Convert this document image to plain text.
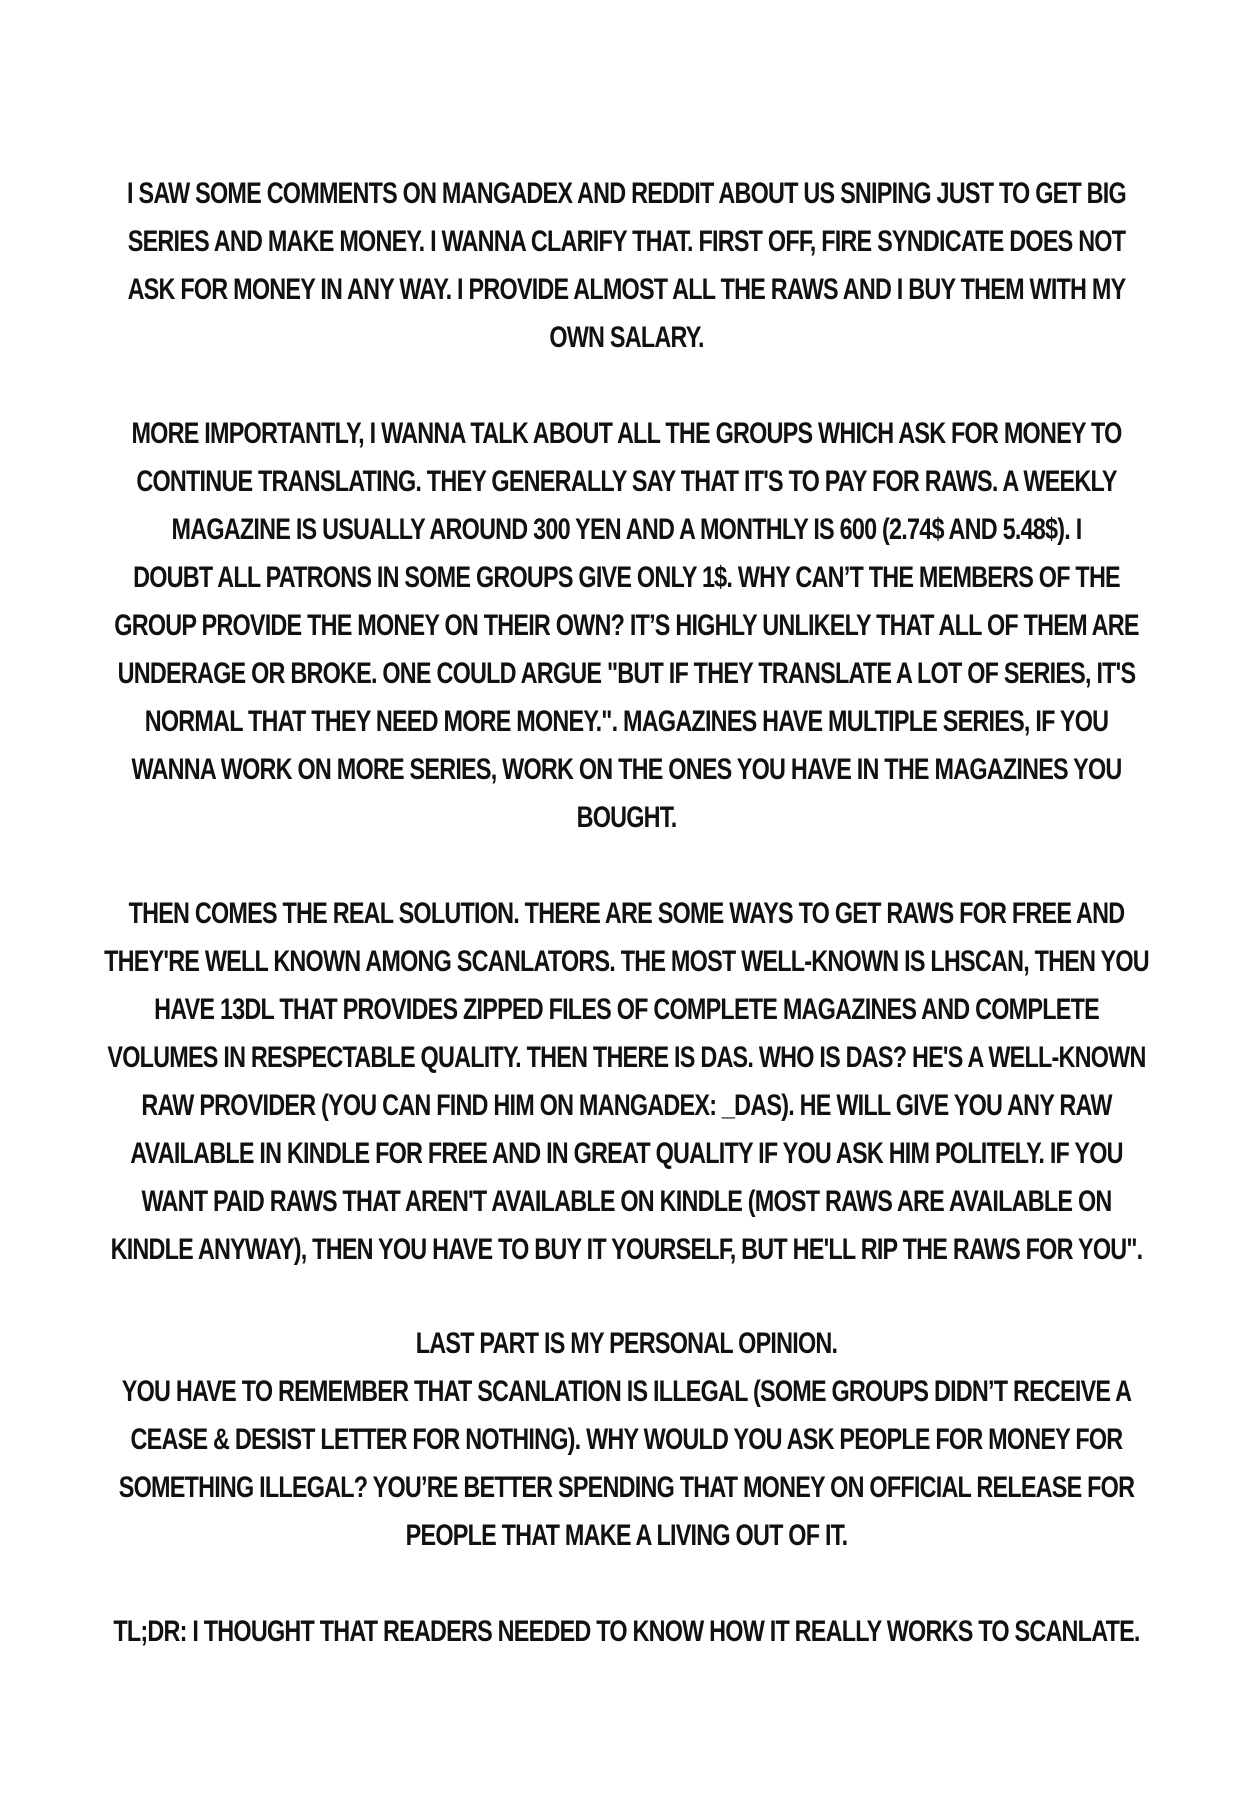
I SAW SOME COMMENTS ON MANGADEX AND REDDIT ABOUT US SNIPING JUST TO GET BIG
SERIES AND MAKE MONEY. I WANNA CLARIFY THAT. FIRST OFF, FIRE SYNDICATE DOES NOT
ASK FOR MONEY IN ANY WAY. I PROVIDE ALMOST ALL THE RAWS AND I BUY THEM WITH MY
OWN SALARY.
MORE IMPORTANTLY, I WANNA TALK ABOUT ALL THE GROUPS WHICH ASK FOR MONEY TO
CONTINUE TRANSLATING. THEY GENERALLY SAY THAT IT'S TO PAY FOR RAWS. A WEEKLY
MAGAZINE IS USUALLY AROUND 300 YEN AND A MONTHLY IS 600 (2.74$ AND 5.48$). I
DOUBT ALL PATRONS IN SOME GROUPS GIVE ONLY 1$. WHY CAN’T THE MEMBERS OF THE
GROUP PROVIDE THE MONEY ON THEIR OWN? IT’S HIGHLY UNLIKELY THAT ALL OF THEM ARE
UNDERAGE OR BROKE. ONE COULD ARGUE "BUT IF THEY TRANSLATE A LOT OF SERIES, IT'S
NORMAL THAT THEY NEED MORE MONEY.". MAGAZINES HAVE MULTIPLE SERIES, IF YOU
WANNA WORK ON MORE SERIES, WORK ON THE ONES YOU HAVE IN THE MAGAZINES YOU
BOUGHT.
THEN COMES THE REAL SOLUTION. THERE ARE SOME WAYS TO GET RAWS FOR FREE AND
THEY'RE WELL KNOWN AMONG SCANLATORS. THE MOST WELL-KNOWN IS LHSCAN, THEN YOU
HAVE 13DL THAT PROVIDES ZIPPED FILES OF COMPLETE MAGAZINES AND COMPLETE
VOLUMES IN RESPECTABLE QUALITY. THEN THERE IS DAS. WHO IS DAS? HE'S A WELL-KNOWN
RAW PROVIDER (YOU CAN FIND HIM ON MANGADEX: _DAS). HE WILL GIVE YOU ANY RAW
AVAILABLE IN KINDLE FOR FREE AND IN GREAT QUALITY IF YOU ASK HIM POLITELY. IF YOU
WANT PAID RAWS THAT AREN'T AVAILABLE ON KINDLE (MOST RAWS ARE AVAILABLE ON
KINDLE ANYWAY), THEN YOU HAVE TO BUY IT YOURSELF, BUT HE'LL RIP THE RAWS FOR YOU".
LAST PART IS MY PERSONAL OPINION.
YOU HAVE TO REMEMBER THAT SCANLATION IS ILLEGAL (SOME GROUPS DIDN’T RECEIVE A
CEASE & DESIST LETTER FOR NOTHING). WHY WOULD YOU ASK PEOPLE FOR MONEY FOR
SOMETHING ILLEGAL? YOU’RE BETTER SPENDING THAT MONEY ON OFFICIAL RELEASE FOR
PEOPLE THAT MAKE A LIVING OUT OF IT.
TL;DR: I THOUGHT THAT READERS NEEDED TO KNOW HOW IT REALLY WORKS TO SCANLATE.
